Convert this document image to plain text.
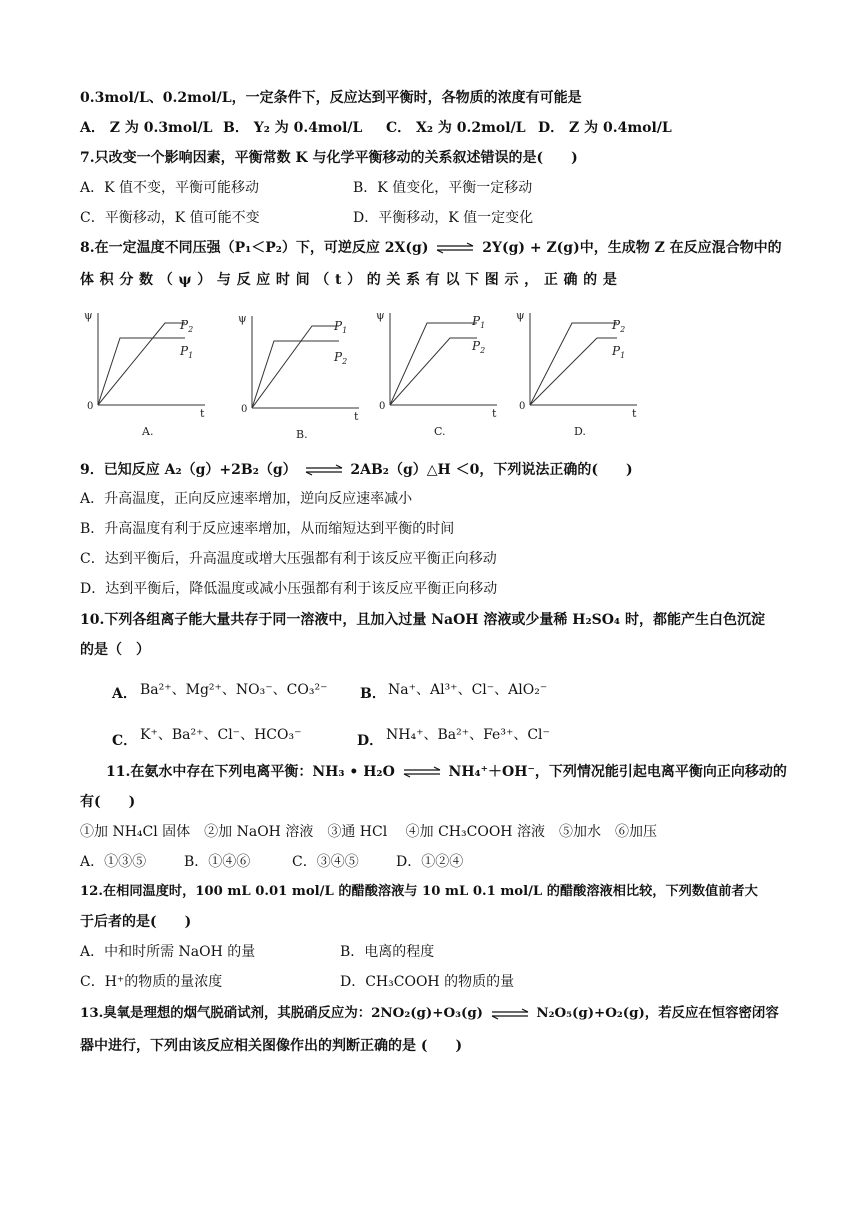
0.3mol/L、0.2mol/L，一定条件下，反应达到平衡时，各物质的浓度有可能是
A． Z 为 0.3mol/L B． Y₂ 为 0.4mol/L C． X₂ 为 0.2mol/L D． Z 为 0.4mol/L
7.只改变一个影响因素，平衡常数 K 与化学平衡移动的关系叙述错误的是(　　)
A．K 值不变，平衡可能移动	B．K 值变化，平衡一定移动
C．平衡移动，K 值可能不变	D．平衡移动，K 值一定变化
8.在一定温度不同压强（P₁＜P₂）下，可逆反应 2X(g) ⇌ 2Y(g) + Z(g)中，生成物 Z 在反应混合物中的
体 积 分 数 （ ψ ） 与 反 应 时 间 （ t ） 的 关 系 有 以 下 图 示 ， 正 确 的 是
ψ
t
0
$P_1$
$P_2$
A.
ψ
t
0
$P_2$
$P_1$
B.
ψ
t
0
$P_1$
$P_2$
C.
ψ
t
0
$P_2$
$P_1$
D.
9．已知反应 A₂（g）+2B₂（g） ⇌ 2AB₂（g）△H ＜0，下列说法正确的(　　)
A．升高温度，正向反应速率增加，逆向反应速率减小
B．升高温度有利于反应速率增加，从而缩短达到平衡的时间
C．达到平衡后，升高温度或增大压强都有利于该反应平衡正向移动
D．达到平衡后，降低温度或减小压强都有利于该反应平衡正向移动
10.下列各组离子能大量共存于同一溶液中，且加入过量 NaOH 溶液或少量稀 H₂SO₄ 时，都能产生白色沉淀
的是（　）
A． Ba²⁺、Mg²⁺、NO₃⁻、CO₃²⁻ B． Na⁺、Al³⁺、Cl⁻、AlO₂⁻
C． K⁺、Ba²⁺、Cl⁻、HCO₃⁻	D． NH₄⁺、Ba²⁺、Fe³⁺、Cl⁻
11.在氨水中存在下列电离平衡：NH₃ • H₂O ⇌ NH₄⁺＋OH⁻，下列情况能引起电离平衡向正向移动的
有(　　)
①加 NH₄Cl 固体　②加 NaOH 溶液　③通 HCl　 ④加 CH₃COOH 溶液　⑤加水　⑥加压
A．①③⑤	B．①④⑥	C．③④⑤	D．①②④
12.在相同温度时，100 mL 0.01 mol/L 的醋酸溶液与 10 mL 0.1 mol/L 的醋酸溶液相比较，下列数值前者大
于后者的是(　　)
A．中和时所需 NaOH 的量	B．电离的程度
C．H⁺的物质的量浓度	D．CH₃COOH 的物质的量
13.臭氧是理想的烟气脱硝试剂，其脱硝反应为：2NO₂(g)+O₃(g) ⇌ N₂O₅(g)+O₂(g)，若反应在恒容密闭容
器中进行，下列由该反应相关图像作出的判断正确的是 (　　)
